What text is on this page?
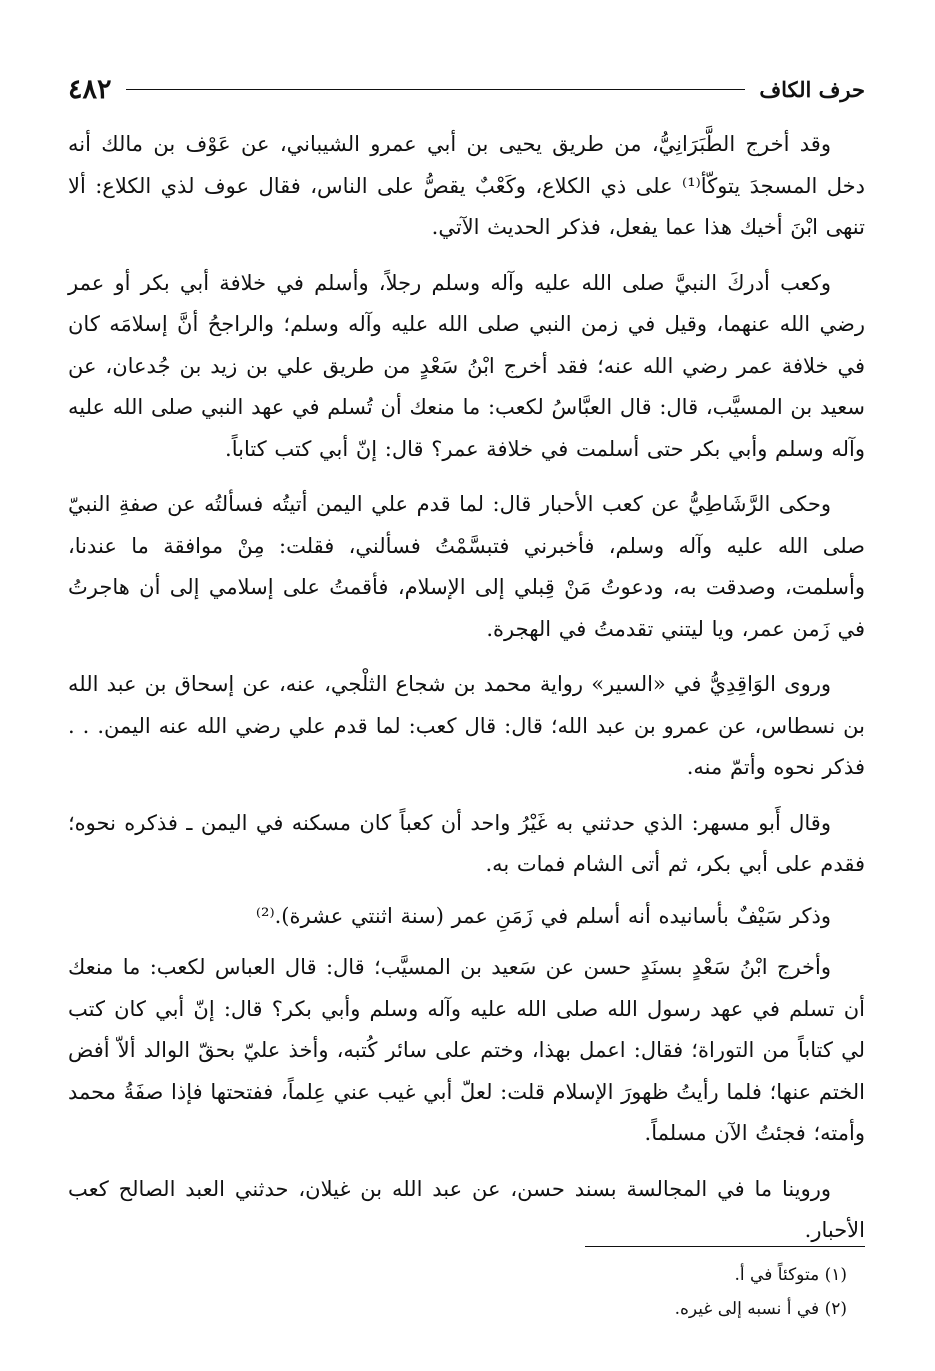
حرف الكاف
٤٨٢

وقد أخرج الطَّبَرَانِيُّ، من طريق يحيى بن أبي عمرو الشيباني، عن عَوْف بن مالك أنه دخل المسجدَ يتوكّأ⁽¹⁾ على ذي الكلاع، وكَعْبٌ يقصُّ على الناس، فقال عوف لذي الكلاع: ألا تنهى ابْنَ أخيك هذا عما يفعل، فذكر الحديث الآتي.

وكعب أدركَ النبيَّ صلى الله عليه وآله وسلم رجلاً، وأسلم في خلافة أبي بكر أو عمر رضي الله عنهما، وقيل في زمن النبي صلى الله عليه وآله وسلم؛ والراجحُ أنَّ إسلامَه كان في خلافة عمر رضي الله عنه؛ فقد أخرج ابْنُ سَعْدٍ من طريق علي بن زيد بن جُدعان، عن سعيد بن المسيَّب، قال: قال العبَّاسُ لكعب: ما منعك أن تُسلم في عهد النبي صلى الله عليه وآله وسلم وأبي بكر حتى أسلمت في خلافة عمر؟ قال: إنّ أبي كتب كتاباً.

وحكى الرَّشَاطِيُّ عن كعب الأحبار قال: لما قدم علي اليمن أتيتُه فسألتُه عن صفةِ النبيّ صلى الله عليه وآله وسلم، فأخبرني فتبسَّمْتُ فسألني، فقلت: مِنْ موافقة ما عندنا، وأسلمت، وصدقت به، ودعوتُ مَنْ قِبلي إلى الإسلام، فأقمتُ على إسلامي إلى أن هاجرتُ في زَمن عمر، ويا ليتني تقدمتُ في الهجرة.

وروى الوَاقِدِيُّ في «السير» رواية محمد بن شجاع الثلْجي، عنه، عن إسحاق بن عبد الله بن نسطاس، عن عمرو بن عبد الله؛ قال: قال كعب: لما قدم علي رضي الله عنه اليمن. . . فذكر نحوه وأتمّ منه.

وقال أَبو مسهر: الذي حدثني به غَيْرُ واحد أن كعباً كان مسكنه في اليمن ـ فذكره نحوه؛ فقدم على أبي بكر، ثم أتى الشام فمات به.

وذكر سَيْفٌ بأسانيده أنه أسلم في زَمَنِ عمر (سنة اثنتي عشرة).⁽²⁾

وأخرج ابْنُ سَعْدٍ بسنَدٍ حسن عن سَعيد بن المسيَّب؛ قال: قال العباس لكعب: ما منعك أن تسلم في عهد رسول الله صلى الله عليه وآله وسلم وأبي بكر؟ قال: إنّ أبي كان كتب لي كتاباً من التوراة؛ فقال: اعمل بهذا، وختم على سائر كُتبه، وأخذ عليّ بحقّ الوالد ألاّ أفض الختم عنها؛ فلما رأيتُ ظهورَ الإسلام قلت: لعلّ أبي غيب عني عِلماً، ففتحتها فإذا صفَةُ محمد وأمته؛ فجئتُ الآن مسلماً.

وروينا ما في المجالسة بسند حسن، عن عبد الله بن غيلان، حدثني العبد الصالح كعب الأحبار.

(١) متوكئاً في أ.

(٢) في أ نسبه إلى غيره.
